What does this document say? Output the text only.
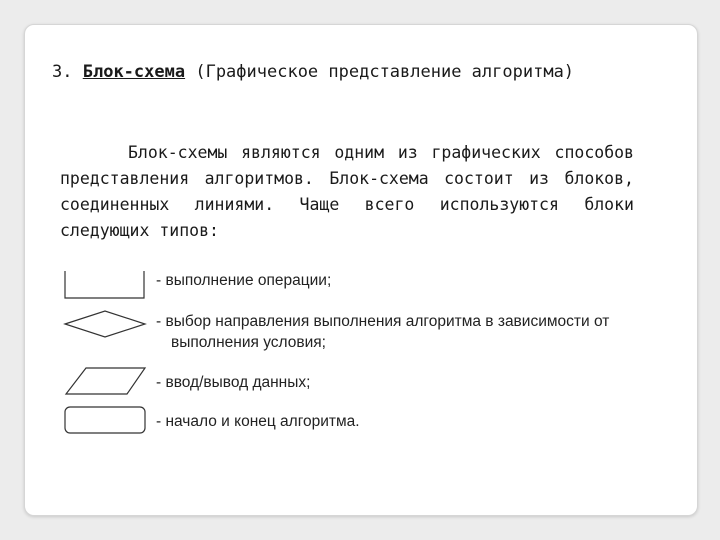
3. Блок-схема (Графическое представление алгоритма)
Блок-схемы являются одним из графических способов представления алгоритмов. Блок-схема состоит из блоков, соединенных линиями. Чаще всего используются блоки следующих типов:
- выполнение операции;
- выбор направления выполнения алгоритма в зависимости от
выполнения условия;
- ввод/вывод данных;
- начало и конец алгоритма.
